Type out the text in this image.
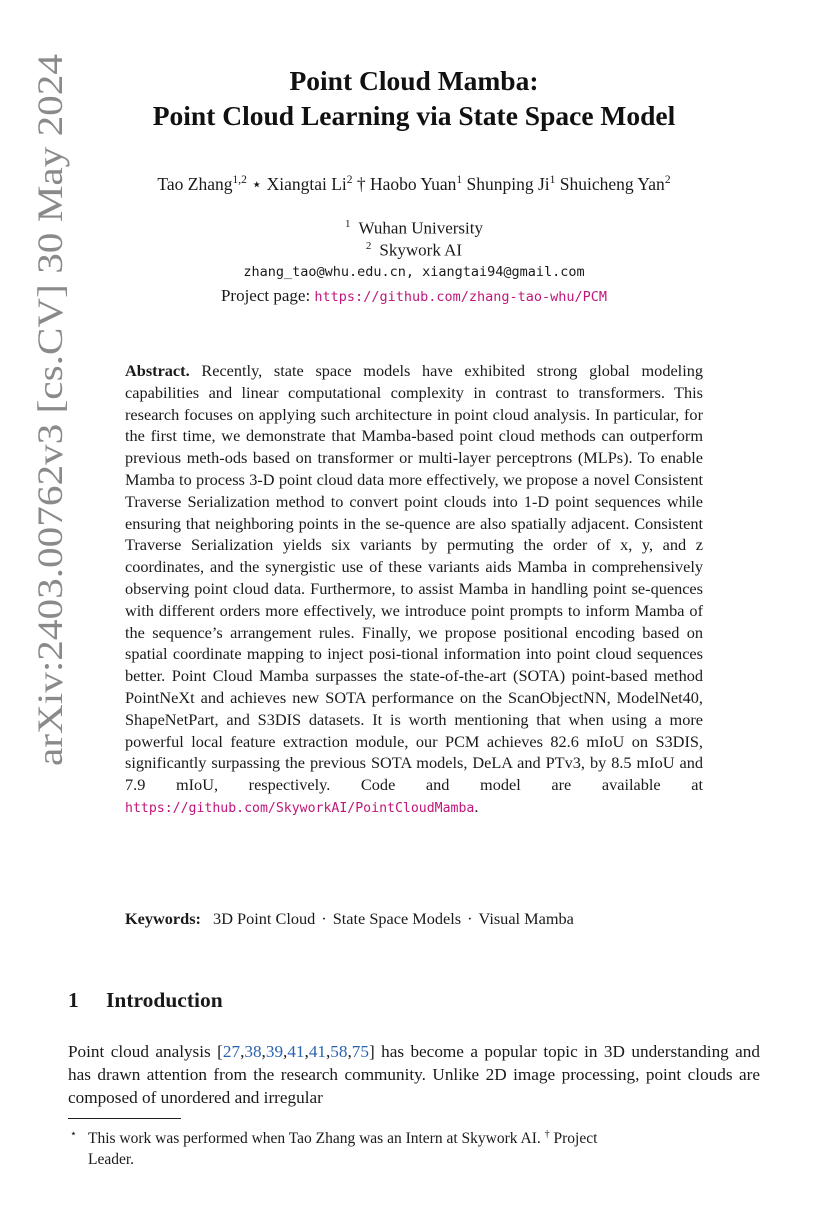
arXiv:2403.00762v3 [cs.CV] 30 May 2024
Point Cloud Mamba:
Point Cloud Learning via State Space Model
Tao Zhang$^{1,2}$ ⋆ Xiangtai Li$^2$ † Haobo Yuan$^1$ Shunping Ji$^1$ Shuicheng Yan$^2$
$^1$ Wuhan University
$^2$ Skywork AI
zhang_tao@whu.edu.cn, xiangtai94@gmail.com
Project page: https://github.com/zhang-tao-whu/PCM
Abstract. Recently, state space models have exhibited strong global modeling capabilities and linear computational complexity in contrast to transformers. This research focuses on applying such architecture in point cloud analysis. In particular, for the first time, we demonstrate that Mamba-based point cloud methods can outperform previous meth-ods based on transformer or multi-layer perceptrons (MLPs). To enable Mamba to process 3-D point cloud data more effectively, we propose a novel Consistent Traverse Serialization method to convert point clouds into 1-D point sequences while ensuring that neighboring points in the se-quence are also spatially adjacent. Consistent Traverse Serialization yields six variants by permuting the order of x, y, and z coordinates, and the synergistic use of these variants aids Mamba in comprehensively observing point cloud data. Furthermore, to assist Mamba in handling point se-quences with different orders more effectively, we introduce point prompts to inform Mamba of the sequence’s arrangement rules. Finally, we propose positional encoding based on spatial coordinate mapping to inject posi-tional information into point cloud sequences better. Point Cloud Mamba surpasses the state-of-the-art (SOTA) point-based method PointNeXt and achieves new SOTA performance on the ScanObjectNN, ModelNet40, ShapeNetPart, and S3DIS datasets. It is worth mentioning that when using a more powerful local feature extraction module, our PCM achieves 82.6 mIoU on S3DIS, significantly surpassing the previous SOTA models, DeLA and PTv3, by 8.5 mIoU and 7.9 mIoU, respectively. Code and model are available at https://github.com/SkyworkAI/PointCloudMamba.
Keywords: 3D Point Cloud · State Space Models · Visual Mamba
1 Introduction
Point cloud analysis [27,38,39,41,41,58,75] has become a popular topic in 3D understanding and has drawn attention from the research community. Unlike 2D image processing, point clouds are composed of unordered and irregular
⋆ This work was performed when Tao Zhang was an Intern at Skywork AI. † Project
Leader.
